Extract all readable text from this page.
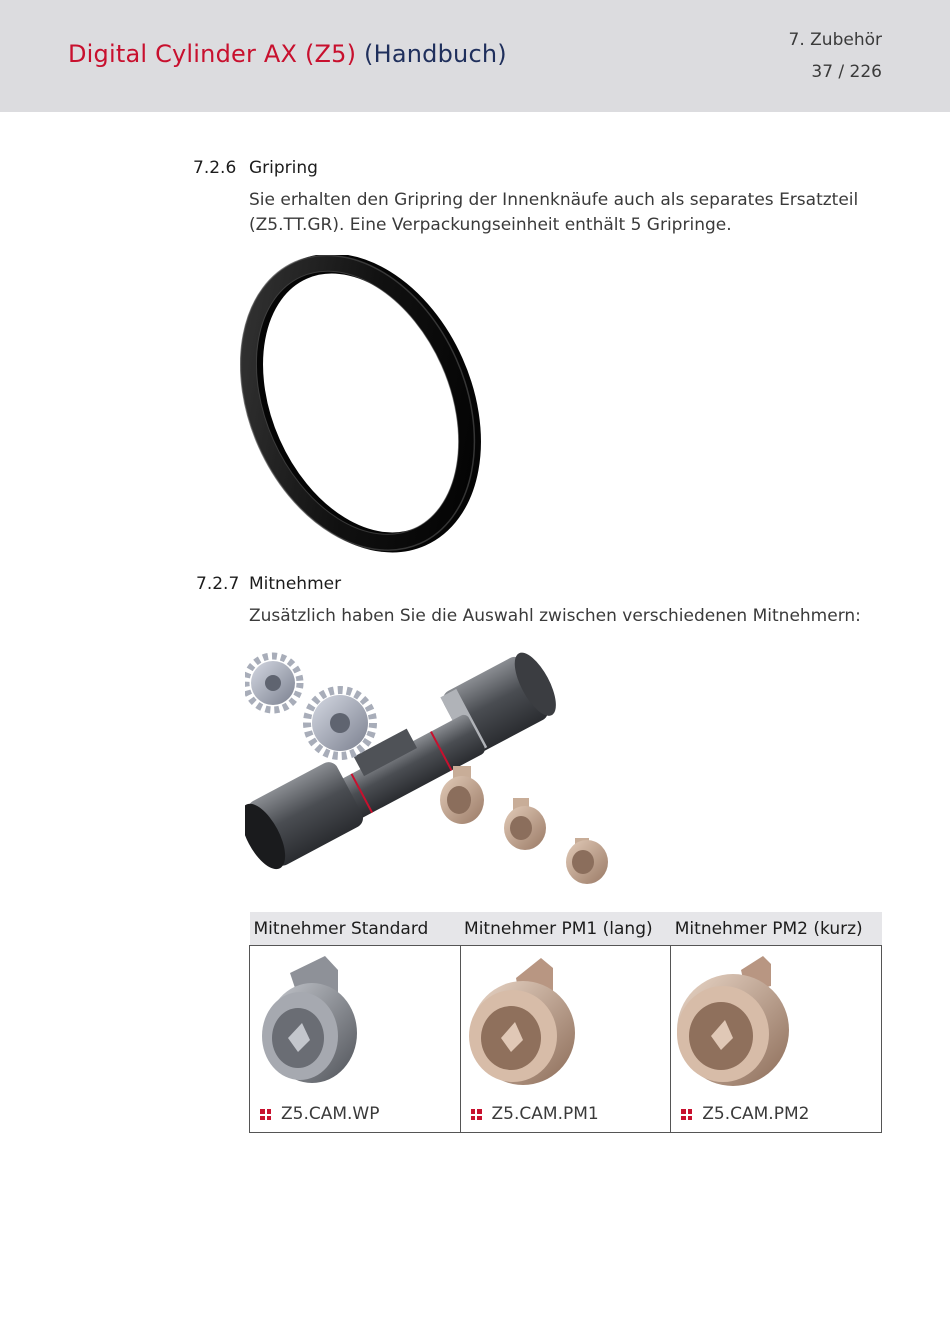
Digital Cylinder AX (Z5) (Handbuch)	7. Zubehör
37 / 226
7.2.6 Gripring
Sie erhalten den Gripring der Innenknäufe auch als separates Ersatzteil
(Z5.TT.GR). Eine Verpackungseinheit enthält 5 Gripringe.
7.2.7 Mitnehmer
Zusätzlich haben Sie die Auswahl zwischen verschiedenen Mitnehmern:
Mitnehmer Standard	Mitnehmer PM1 (lang)	Mitnehmer PM2 (kurz)

Z5.CAM.WP	Z5.CAM.PM1	Z5.CAM.PM2
